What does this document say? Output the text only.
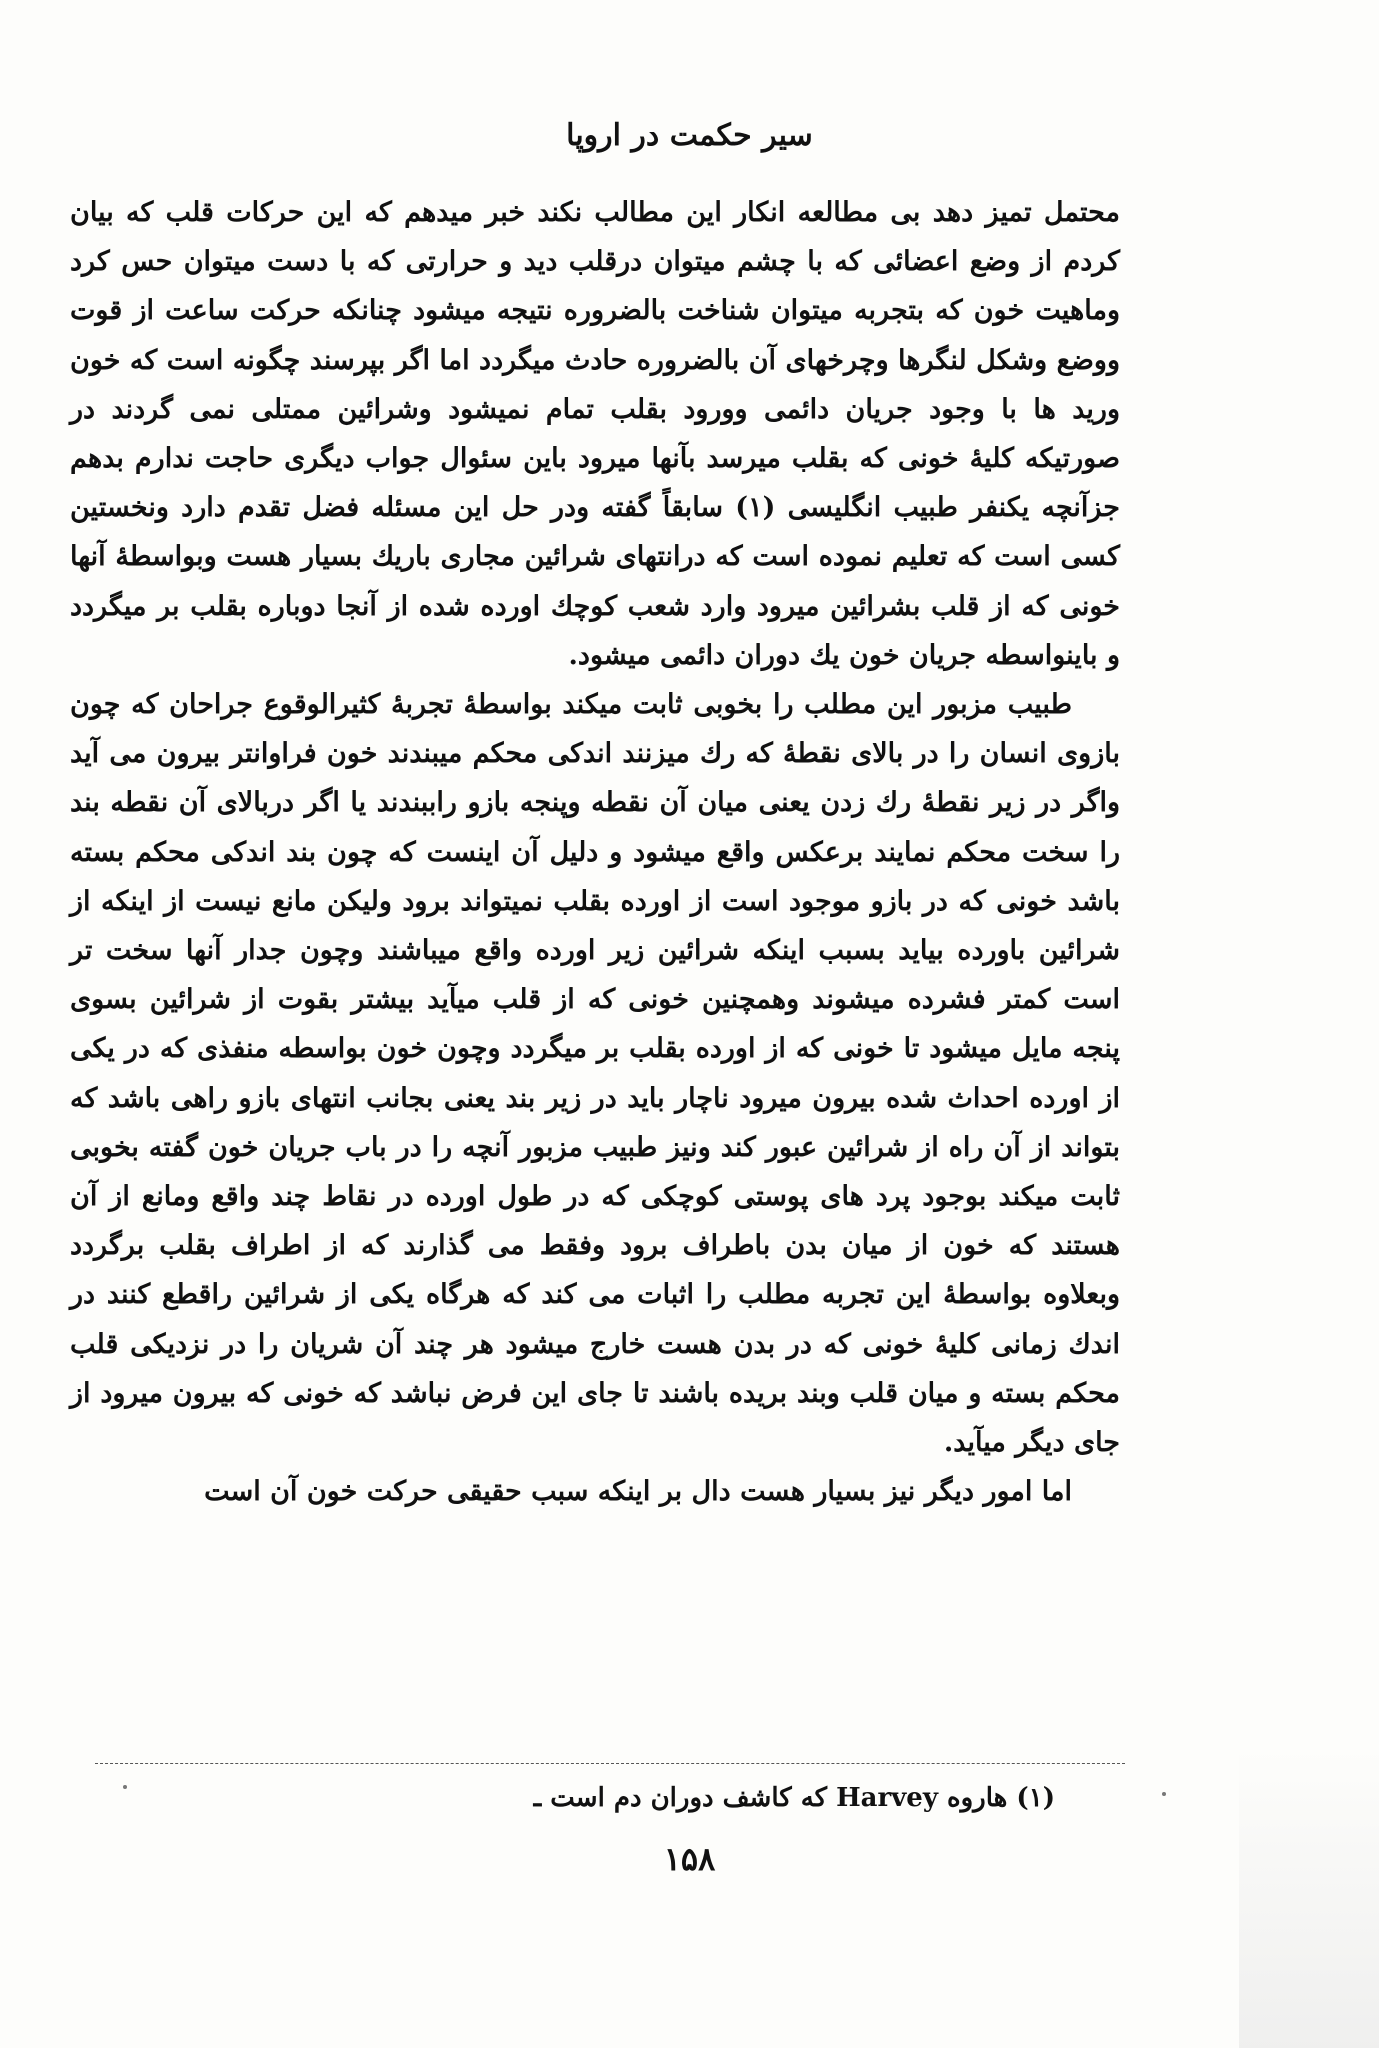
سیر حکمت در اروپا

محتمل تمیز دهد بی مطالعه انکار این مطالب نکند خبر میدهم که این حرکات قلب که بیان کردم از وضع اعضائی که با چشم میتوان درقلب دید و حرارتی که با دست میتوان حس کرد وماهیت خون که بتجربه میتوان شناخت بالضروره نتیجه میشود چنانکه حرکت ساعت از قوت ووضع وشکل لنگرها وچرخهای آن بالضروره حادث میگردد اما اگر بپرسند چگونه است که خون ورید ها با وجود جریان دائمی وورود بقلب تمام نمیشود وشرائین ممتلی نمی گردند در صورتیکه کلیهٔ خونی که بقلب میرسد بآنها میرود باین سئوال جواب دیگری حاجت ندارم بدهم جزآنچه یکنفر طبیب انگلیسی (۱) سابقاً گفته ودر حل این مسئله فضل تقدم دارد ونخستین کسی است که تعلیم نموده است که درانتهای شرائین مجاری باریك بسیار هست وبواسطهٔ آنها خونی که از قلب بشرائین میرود وارد شعب کوچك اورده شده از آنجا دوباره بقلب بر میگردد و باینواسطه جریان خون یك دوران دائمی میشود.

طبیب مزبور این مطلب را بخوبی ثابت میکند بواسطهٔ تجربهٔ کثیرالوقوع جراحان که چون بازوی انسان را در بالای نقطهٔ که رك میزنند اندکی محکم میبندند خون فراوانتر بیرون می آید واگر در زیر نقطهٔ رك زدن یعنی میان آن نقطه وپنجه بازو راببندند یا اگر دربالای آن نقطه بند را سخت محکم نمایند برعکس واقع میشود و دلیل آن اینست که چون بند اندکی محکم بسته باشد خونی که در بازو موجود است از اورده بقلب نمیتواند برود ولیکن مانع نیست از اینکه از شرائین باورده بیاید بسبب اینکه شرائین زیر اورده واقع میباشند وچون جدار آنها سخت تر است کمتر فشرده میشوند وهمچنین خونی که از قلب میآید بیشتر بقوت از شرائین بسوی پنجه مایل میشود تا خونی که از اورده بقلب بر میگردد وچون خون بواسطه منفذی که در یکی از اورده احداث شده بیرون میرود ناچار باید در زیر بند یعنی بجانب انتهای بازو راهی باشد که بتواند از آن راه از شرائین عبور کند ونیز طبیب مزبور آنچه را در باب جریان خون گفته بخوبی ثابت میکند بوجود پرد های پوستی کوچکی که در طول اورده در نقاط چند واقع ومانع از آن هستند که خون از میان بدن باطراف برود وفقط می گذارند که از اطراف بقلب برگردد وبعلاوه بواسطهٔ این تجربه مطلب را اثبات می کند که هرگاه یکی از شرائین راقطع کنند در اندك زمانی کلیهٔ خونی که در بدن هست خارج میشود هر چند آن شریان را در نزدیکی قلب محکم بسته و میان قلب وبند بریده باشند تا جای این فرض نباشد که خونی که بیرون میرود از جای دیگر میآید.

اما امور دیگر نیز بسیار هست دال بر اینکه سبب حقیقی حرکت خون آن است

(۱) هاروه Harvey که کاشف دوران دم است ـ
۱۵۸
